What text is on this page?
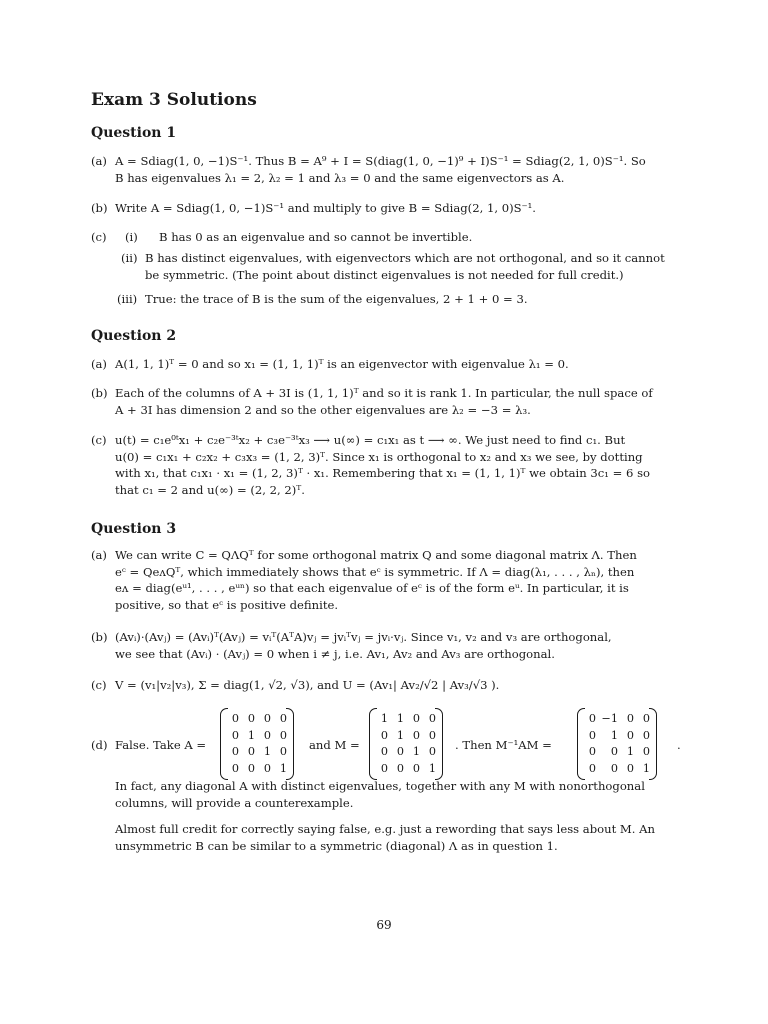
Exam 3 Solutions
Question 1
(a) A = Sdiag(1, 0, −1)S⁻¹. Thus B = A⁹ + I = S(diag(1, 0, −1)⁹ + I)S⁻¹ = Sdiag(2, 1, 0)S⁻¹. So
B has eigenvalues λ₁ = 2, λ₂ = 1 and λ₃ = 0 and the same eigenvectors as A.
(b) Write A = Sdiag(1, 0, −1)S⁻¹ and multiply to give B = Sdiag(2, 1, 0)S⁻¹.
(c)	(i) B has 0 as an eigenvalue and so cannot be invertible.
(ii) B has distinct eigenvalues, with eigenvectors which are not orthogonal, and so it cannot
be symmetric. (The point about distinct eigenvalues is not needed for full credit.)
(iii) True: the trace of B is the sum of the eigenvalues, 2 + 1 + 0 = 3.
Question 2
(a) A(1, 1, 1)ᵀ = 0 and so x₁ = (1, 1, 1)ᵀ is an eigenvector with eigenvalue λ₁ = 0.
(b) Each of the columns of A + 3I is (1, 1, 1)ᵀ and so it is rank 1. In particular, the null space of
A + 3I has dimension 2 and so the other eigenvalues are λ₂ = −3 = λ₃.
(c) u(t) = c₁e⁰ᵗx₁ + c₂e⁻³ᵗx₂ + c₃e⁻³ᵗx₃ ⟶ u(∞) = c₁x₁ as t ⟶ ∞. We just need to find c₁. But
u(0) = c₁x₁ + c₂x₂ + c₃x₃ = (1, 2, 3)ᵀ. Since x₁ is orthogonal to x₂ and x₃ we see, by dotting
with x₁, that c₁x₁ · x₁ = (1, 2, 3)ᵀ · x₁. Remembering that x₁ = (1, 1, 1)ᵀ we obtain 3c₁ = 6 so
that c₁ = 2 and u(∞) = (2, 2, 2)ᵀ.
Question 3
(a) We can write C = QΛQᵀ for some orthogonal matrix Q and some diagonal matrix Λ. Then
eᶜ = QeᴧQᵀ, which immediately shows that eᶜ is symmetric. If Λ = diag(λ₁, . . . , λₙ), then
eᴧ = diag(eᵘ¹, . . . , eᵘⁿ) so that each eigenvalue of eᶜ is of the form eᵘ. In particular, it is
positive, so that eᶜ is positive definite.
(b) (Avᵢ)·(Avⱼ) = (Avᵢ)ᵀ(Avⱼ) = vᵢᵀ(AᵀA)vⱼ = jvᵢᵀvⱼ = jvᵢ·vⱼ. Since v₁, v₂ and v₃ are orthogonal,
we see that (Avᵢ) · (Avⱼ) = 0 when i ≠ j, i.e. Av₁, Av₂ and Av₃ are orthogonal.
(c) V = (v₁|v₂|v₃), Σ = diag(1, √2, √3), and U = (Av₁| Av₂/√2 | Av₃/√3 ).
(d) False. Take A =
0 0 0 0
0 1 0 0
0 0 1 0
0 0 0 1
and M =
1 1 0 0
0 1 0 0
0 0 1 0
0 0 0 1
. Then M⁻¹AM =
0 −1 0 0
0	1 0 0
0	0 1 0
0	0 0 1
.
In fact, any diagonal A with distinct eigenvalues, together with any M with nonorthogonal
columns, will provide a counterexample.
Almost full credit for correctly saying false, e.g. just a rewording that says less about M. An
unsymmetric B can be similar to a symmetric (diagonal) Λ as in question 1.
69
